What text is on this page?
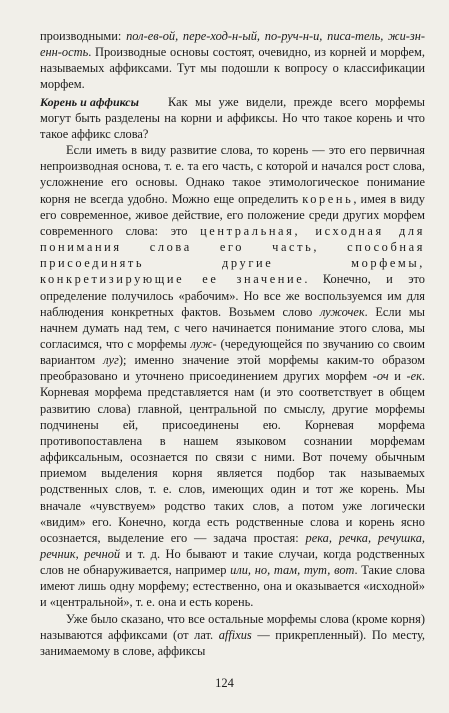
производными: пол-ев-ой, пере-ход-н-ый, по-руч-н-и, писа-тель, жи-зн-енн-ость. Производные основы состоят, очевидно, из корней и морфем, называемых аффиксами. Тут мы подошли к вопросу о классификации морфем.

Корень и аффиксы	Как мы уже видели, прежде всего морфемы могут быть разделены на корни и аффиксы. Но что такое корень и что такое аффикс слова?

Если иметь в виду развитие слова, то корень — это его первичная непроизводная основа, т. е. та его часть, с которой и начался рост слова, усложнение его основы. Однако такое этимологическое понимание корня не всегда удобно. Можно еще определить корень, имея в виду его современное, живое действие, его положение среди других морфем современного слова: это центральная, исходная для понимания слова его часть, способная присоединять другие морфемы, конкретизирующие ее значение. Конечно, и это определение получилось «рабочим». Но все же воспользуемся им для наблюдения конкретных фактов. Возьмем слово лужочек. Если мы начнем думать над тем, с чего начинается понимание этого слова, мы согласимся, что с морфемы луж- (чередующейся по звучанию со своим вариантом луг); именно значение этой морфемы каким-то образом преобразовано и уточнено присоединением других морфем -оч и -ек. Корневая морфема представляется нам (и это соответствует в общем развитию слова) главной, центральной по смыслу, другие морфемы подчинены ей, присоединены ею. Корневая морфема противопоставлена в нашем языковом сознании морфемам аффиксальным, осознается по связи с ними. Вот почему обычным приемом выделения корня является подбор так называемых родственных слов, т. е. слов, имеющих один и тот же корень. Мы вначале «чувствуем» родство таких слов, а потом уже логически «видим» его. Конечно, когда есть родственные слова и корень ясно осознается, выделение его — задача простая: река, речка, речушка, речник, речной и т. д. Но бывают и такие случаи, когда родственных слов не обнаруживается, например или, но, там, тут, вот. Такие слова имеют лишь одну морфему; естественно, она и оказывается «исходной» и «центральной», т. е. она и есть корень.

Уже было сказано, что все остальные морфемы слова (кроме корня) называются аффиксами (от лат. affixus — прикрепленный). По месту, занимаемому в слове, аффиксы

124
